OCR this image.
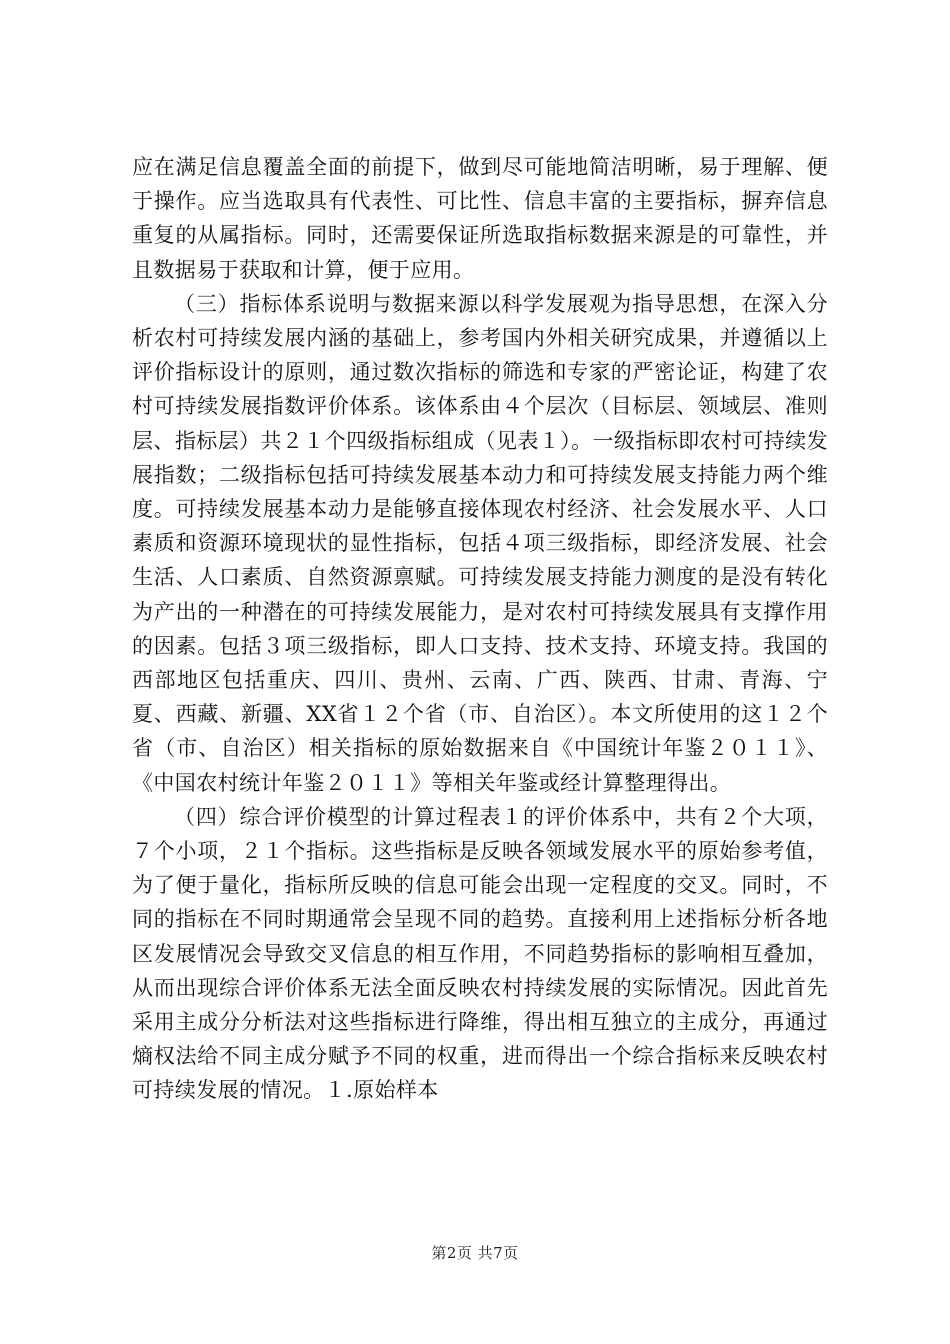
应在满足信息覆盖全面的前提下，做到尽可能地简洁明晰，易于理解、便于操作。应当选取具有代表性、可比性、信息丰富的主要指标，摒弃信息重复的从属指标。同时，还需要保证所选取指标数据来源是的可靠性，并且数据易于获取和计算，便于应用。

（三）指标体系说明与数据来源以科学发展观为指导思想，在深入分析农村可持续发展内涵的基础上，参考国内外相关研究成果，并遵循以上评价指标设计的原则，通过数次指标的筛选和专家的严密论证，构建了农村可持续发展指数评价体系。该体系由４个层次（目标层、领域层、准则层、指标层）共２１个四级指标组成（见表１）。一级指标即农村可持续发展指数；二级指标包括可持续发展基本动力和可持续发展支持能力两个维度。可持续发展基本动力是能够直接体现农村经济、社会发展水平、人口素质和资源环境现状的显性指标，包括４项三级指标，即经济发展、社会生活、人口素质、自然资源禀赋。可持续发展支持能力测度的是没有转化为产出的一种潜在的可持续发展能力，是对农村可持续发展具有支撑作用的因素。包括３项三级指标，即人口支持、技术支持、环境支持。我国的西部地区包括重庆、四川、贵州、云南、广西、陕西、甘肃、青海、宁夏、西藏、新疆、XX省１２个省（市、自治区）。本文所使用的这１２个省（市、自治区）相关指标的原始数据来自《中国统计年鉴２０１１》、《中国农村统计年鉴２０１１》等相关年鉴或经计算整理得出。

（四）综合评价模型的计算过程表１的评价体系中，共有２个大项，７个小项，２１个指标。这些指标是反映各领域发展水平的原始参考值，为了便于量化，指标所反映的信息可能会出现一定程度的交叉。同时，不同的指标在不同时期通常会呈现不同的趋势。直接利用上述指标分析各地区发展情况会导致交叉信息的相互作用，不同趋势指标的影响相互叠加，从而出现综合评价体系无法全面反映农村持续发展的实际情况。因此首先采用主成分分析法对这些指标进行降维，得出相互独立的主成分，再通过熵权法给不同主成分赋予不同的权重，进而得出一个综合指标来反映农村可持续发展的情况。１.原始样本

第2页 共7页
